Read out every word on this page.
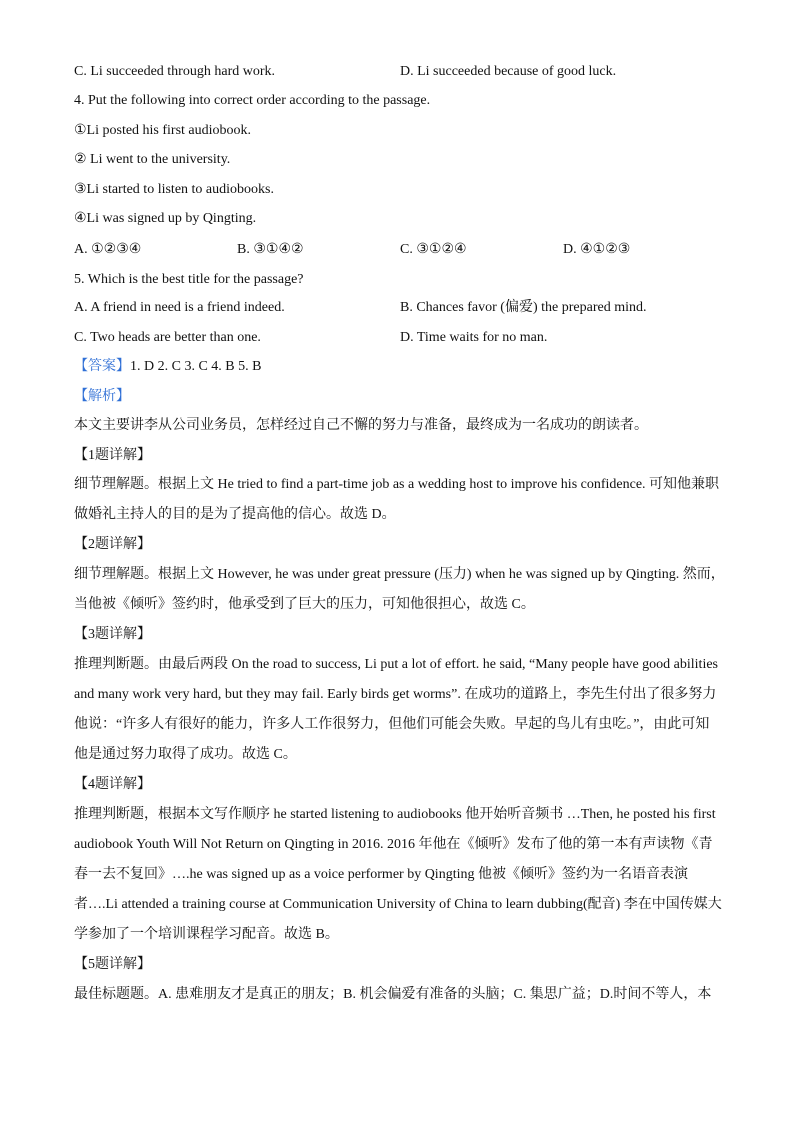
C. Li succeeded through hard work.	D. Li succeeded because of good luck.
4. Put the following into correct order according to the passage.
①Li posted his first audiobook.
② Li went to the university.
③Li started to listen to audiobooks.
④Li was signed up by Qingting.
A. ①②③④	B. ③①④②	C. ③①②④	D. ④①②③
5. Which is the best title for the passage?
A. A friend in need is a friend indeed.	B. Chances favor (偏爱) the prepared mind.
C. Two heads are better than one.	D. Time waits for no man.
【答案】1. D 2. C 3. C 4. B 5. B
【解析】
本文主要讲李从公司业务员，怎样经过自己不懈的努力与准备，最终成为一名成功的朗读者。
【1题详解】
细节理解题。根据上文 He tried to find a part-time job as a wedding host to improve his confidence. 可知他兼职
做婚礼主持人的目的是为了提高他的信心。故选 D。
【2题详解】
细节理解题。根据上文 However, he was under great pressure (压力) when he was signed up by Qingting. 然而，
当他被《倾听》签约时，他承受到了巨大的压力，可知他很担心，故选 C。
【3题详解】
推理判断题。由最后两段 On the road to success, Li put a lot of effort. he said, “Many people have good abilities
and many work very hard, but they may fail. Early birds get worms”. 在成功的道路上，李先生付出了很多努力
他说：“许多人有很好的能力，许多人工作很努力，但他们可能会失败。早起的鸟儿有虫吃。”，由此可知
他是通过努力取得了成功。故选 C。
【4题详解】
推理判断题，根据本文写作顺序 he started listening to audiobooks 他开始听音频书 …Then, he posted his first
audiobook Youth Will Not Return on Qingting in 2016. 2016 年他在《倾听》发布了他的第一本有声读物《青
春一去不复回》….he was signed up as a voice performer by Qingting 他被《倾听》签约为一名语音表演
者….Li attended a training course at Communication University of China to learn dubbing(配音) 李在中国传媒大
学参加了一个培训课程学习配音。故选 B。
【5题详解】
最佳标题题。A. 患难朋友才是真正的朋友；B. 机会偏爱有准备的头脑；C. 集思广益；D.时间不等人，本
